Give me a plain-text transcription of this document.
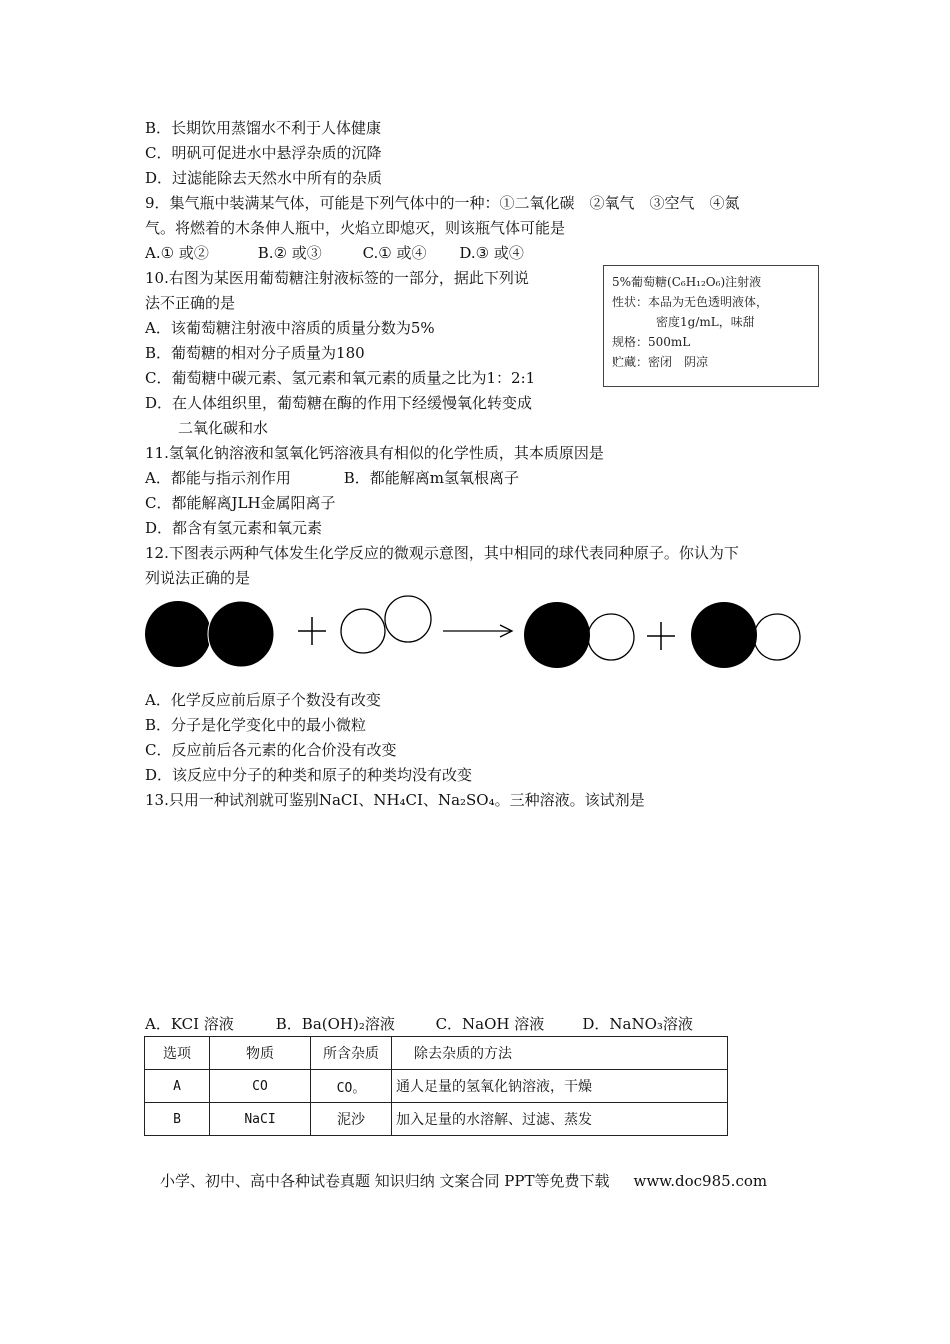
B．长期饮用蒸馏水不利于人体健康
C．明矾可促进水中悬浮杂质的沉降
D．过滤能除去天然水中所有的杂质
9．集气瓶中装满某气体，可能是下列气体中的一种：①二氧化碳　②氧气　③空气　④氮
气。将燃着的木条伸人瓶中，火焰立即熄灭，则该瓶气体可能是
A.① 或②	B.② 或③	C.① 或④ D.③ 或④
10.右图为某医用葡萄糖注射液标签的一部分，据此下列说
法不正确的是
A．该葡萄糖注射液中溶质的质量分数为5%
B．葡萄糖的相对分子质量为180
C．葡萄糖中碳元素、氢元素和氧元素的质量之比为1：2:1
D．在人体组织里，葡萄糖在酶的作用下经缓慢氧化转变成
二氧化碳和水
5%葡萄糖(C₆H₁₂O₆)注射液
性状：本品为无色透明液体，
密度1g/mL，味甜
规格：500mL
贮藏：密闭　阴凉
11.氢氧化钠溶液和氢氧化钙溶液具有相似的化学性质，其本质原因是
A．都能与指示剂作用	B．都能解离m氢氧根离子
C．都能解离JLH金属阳离子
D．都含有氢元素和氧元素
12.下图表示两种气体发生化学反应的微观示意图，其中相同的球代表同种原子。你认为下
列说法正确的是
A．化学反应前后原子个数没有改变
B．分子是化学变化中的最小微粒
C．反应前后各元素的化合价没有改变
D．该反应中分子的种类和原子的种类均没有改变
13.只用一种试剂就可鉴别NaCI、NH₄CI、Na₂SO₄。三种溶液。该试剂是
A．KCI 溶液	B．Ba(OH)₂溶液	C．NaOH 溶液	D．NaNO₃溶液
选项	物质	所含杂质	除去杂质的方法
A	CO	CO。	通人足量的氢氧化钠溶液，干燥
B	NaCI	泥沙	加入足量的水溶解、过滤、蒸发
小学、初中、高中各种试卷真题 知识归纳 文案合同 PPT等免费下载 www.doc985.com
